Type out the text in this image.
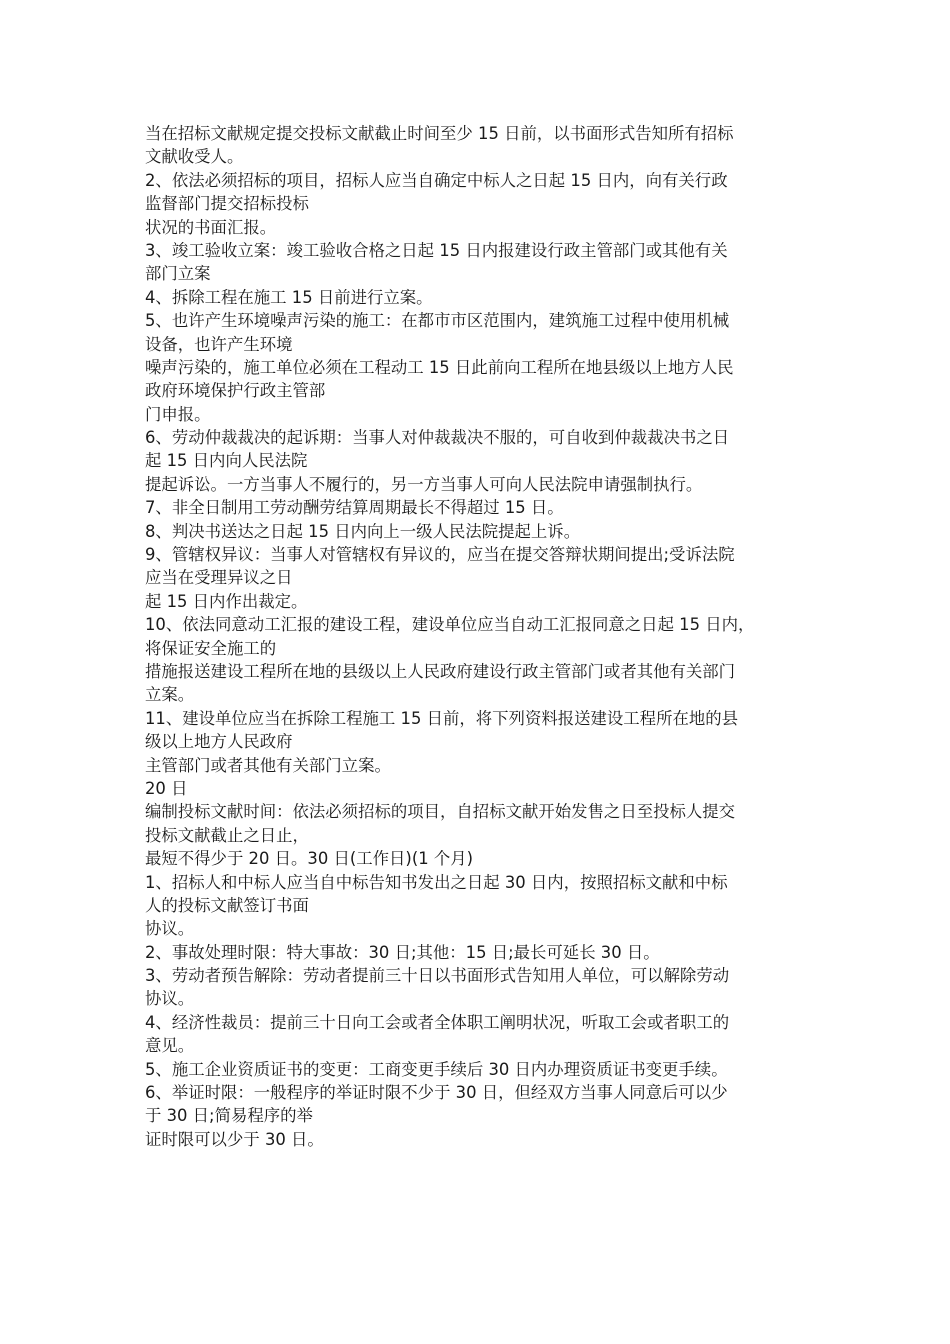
当在招标文献规定提交投标文献截止时间至少 15 日前，以书面形式告知所有招标
文献收受人。
2、依法必须招标的项目，招标人应当自确定中标人之日起 15 日内，向有关行政
监督部门提交招标投标
状况的书面汇报。
3、竣工验收立案：竣工验收合格之日起 15 日内报建设行政主管部门或其他有关
部门立案
4、拆除工程在施工 15 日前进行立案。
5、也许产生环境噪声污染的施工：在都市市区范围内，建筑施工过程中使用机械
设备，也许产生环境
噪声污染的，施工单位必须在工程动工 15 日此前向工程所在地县级以上地方人民
政府环境保护行政主管部
门申报。
6、劳动仲裁裁决的起诉期：当事人对仲裁裁决不服的，可自收到仲裁裁决书之日
起 15 日内向人民法院
提起诉讼。一方当事人不履行的，另一方当事人可向人民法院申请强制执行。
7、非全日制用工劳动酬劳结算周期最长不得超过 15 日。
8、判决书送达之日起 15 日内向上一级人民法院提起上诉。
9、管辖权异议：当事人对管辖权有异议的，应当在提交答辩状期间提出;受诉法院
应当在受理异议之日
起 15 日内作出裁定。
10、依法同意动工汇报的建设工程，建设单位应当自动工汇报同意之日起 15 日内，
将保证安全施工的
措施报送建设工程所在地的县级以上人民政府建设行政主管部门或者其他有关部门
立案。
11、建设单位应当在拆除工程施工 15 日前，将下列资料报送建设工程所在地的县
级以上地方人民政府
主管部门或者其他有关部门立案。
20 日
编制投标文献时间：依法必须招标的项目，自招标文献开始发售之日至投标人提交
投标文献截止之日止，
最短不得少于 20 日。30 日(工作日)(1 个月)
1、招标人和中标人应当自中标告知书发出之日起 30 日内，按照招标文献和中标
人的投标文献签订书面
协议。
2、事故处理时限：特大事故：30 日;其他：15 日;最长可延长 30 日。
3、劳动者预告解除：劳动者提前三十日以书面形式告知用人单位，可以解除劳动
协议。
4、经济性裁员：提前三十日向工会或者全体职工阐明状况，听取工会或者职工的
意见。
5、施工企业资质证书的变更：工商变更手续后 30 日内办理资质证书变更手续。
6、举证时限：一般程序的举证时限不少于 30 日，但经双方当事人同意后可以少
于 30 日;简易程序的举
证时限可以少于 30 日。
